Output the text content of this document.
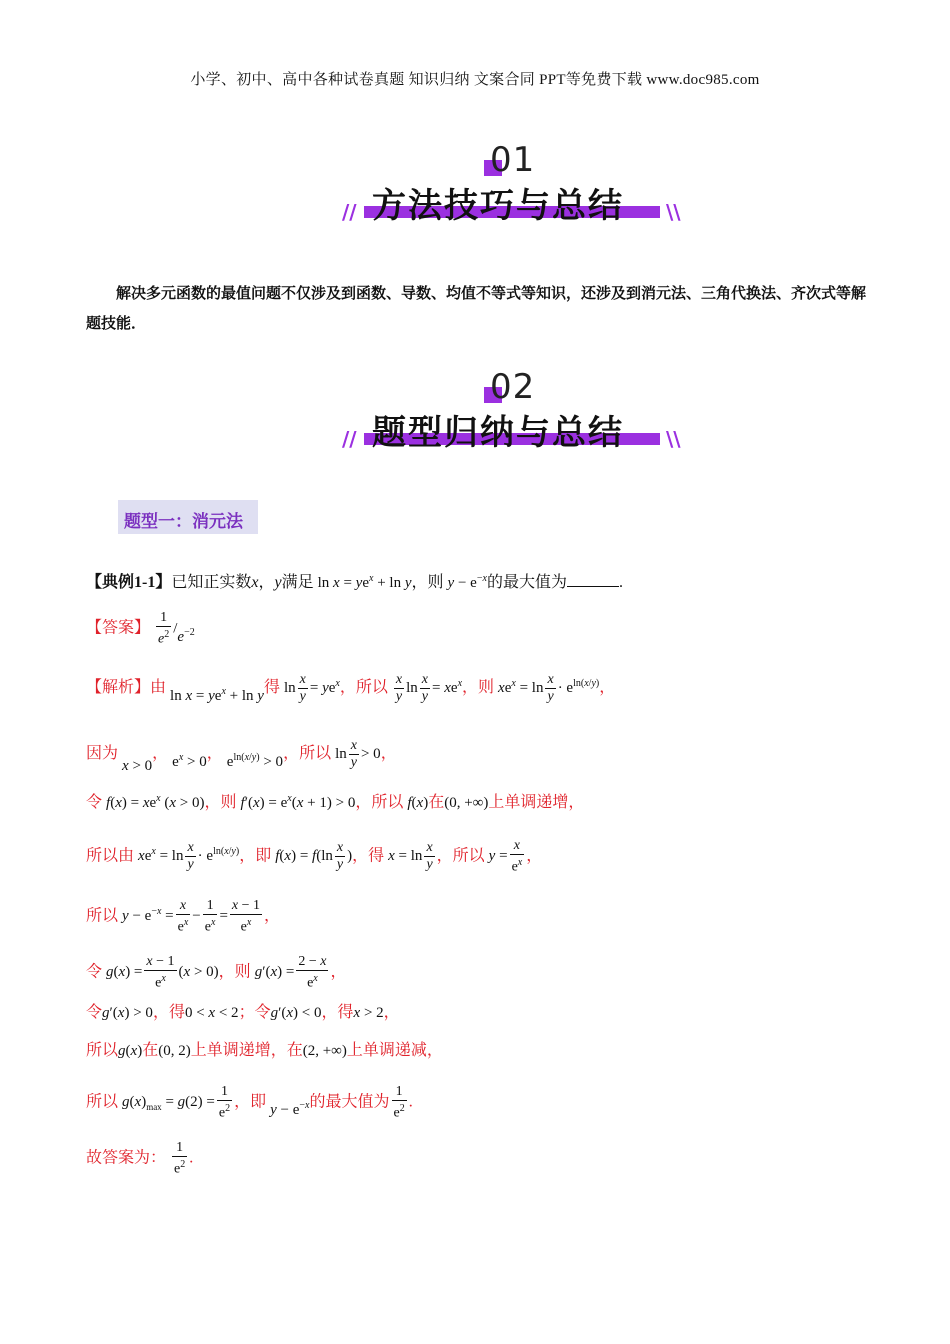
小学、初中、高中各种试卷真题 知识归纳 文案合同 PPT等免费下载 www.doc985.com
01
方法技巧与总结
//	\\
解决多元函数的最值问题不仅涉及到函数、导数、均值不等式等知识，还涉及到消元法、三角代换法、齐次式等解题技能．
02
题型归纳与总结
//	\\
题型一：消元法
【典例1-1】已知正实数x，y满足 $\ln x = ye^x + \ln y$，则 $y - e^{-x}$的最大值为	.
【答案】 $\frac{1}{e^2} /e^{-2}$
【解析】由 $\ln x = ye^x + \ln y$得 $\ln \frac{x}{y} = ye^x$，所以 $\frac{x}{y}$ $\ln \frac{x}{y} = xe^x$，则 $xe^x = \ln \frac{x}{y} \cdot e^{ln(x/y)}$，
因为 x > 0， $e^x > 0$， $e^{ln(x/y)} > 0$，所以 $\ln \frac{x}{y} > 0$，
令 $f(x) = xe^x$ (x > 0)，则 $f'(x) = e^x(x + 1) > 0$，所以 f(x)在(0, +∞)上单调递增，
所以由 $xe^x = \ln \frac{x}{y} \cdot e^{ln(x/y)}$，即 $f(x) = f(\ln \frac{x}{y}$ )，得 $x = \ln \frac{x}{y}$ ，所以 $y = \frac{x}{e^x}$ ，
所以 $y - e^{-x} = \frac{x}{e^x} - \frac{1}{e^x} = \frac{x - 1}{e^x}$ ，
令 $g(x) = \frac{x - 1}{e^x} (x > 0)$，则 $g'(x) = \frac{2 - x}{e^x}$ ，
令g′(x) > 0，得0 < x < 2；令g′(x) < 0，得x > 2，
所以g(x)在(0, 2)上单调递增，在(2, +∞)上单调递减，
所以 $g(x)_{max} = g(2) = \frac{1}{e^2}$ ，即 $y - e^{-x}$的最大值为 $\frac{1}{e^2}$ .
故答案为： $\frac{1}{e^2}$ .
